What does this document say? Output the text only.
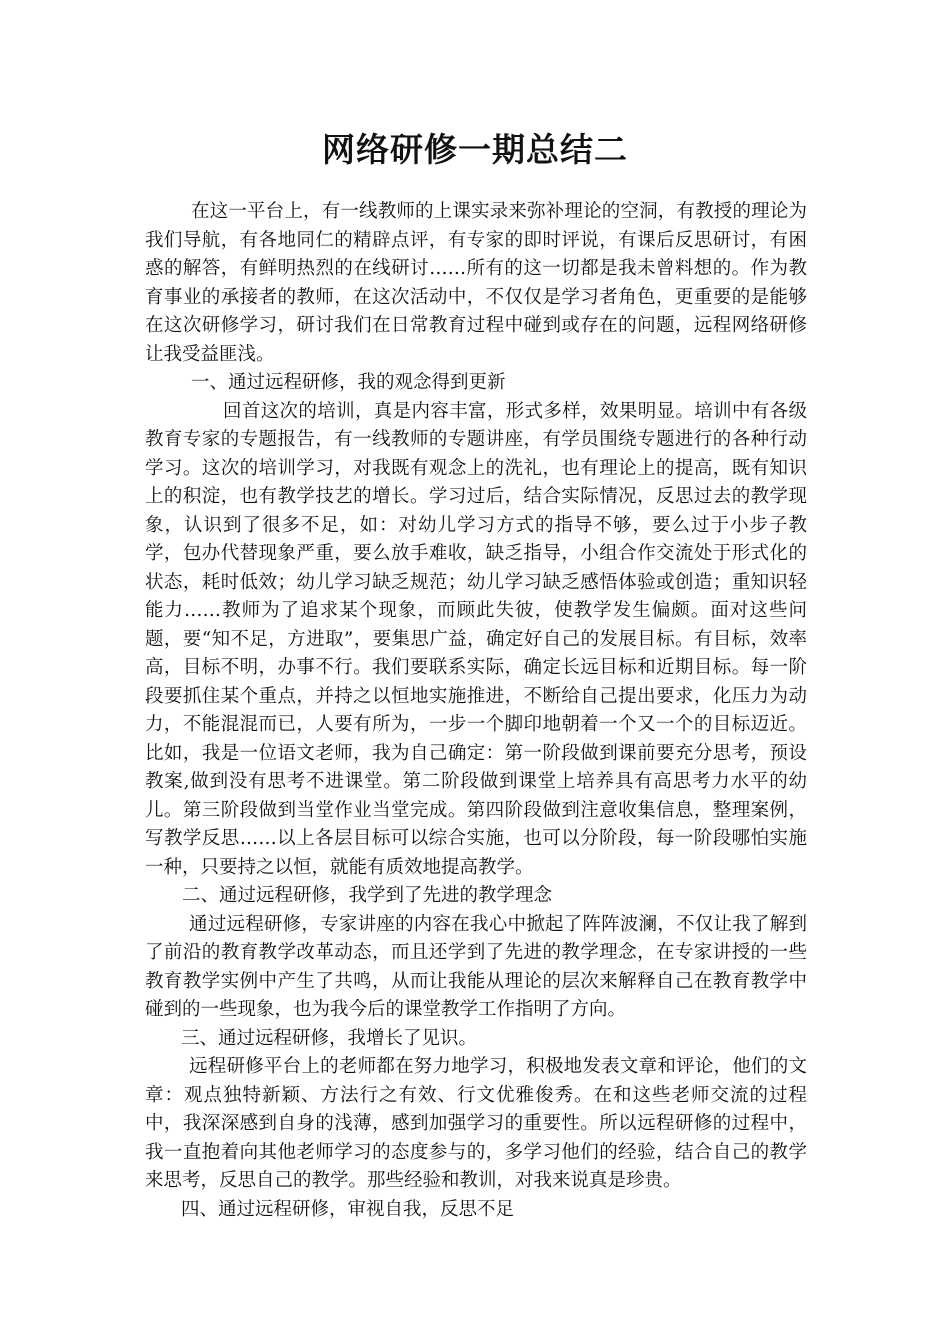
网络研修一期总结二

在这一平台上，有一线教师的上课实录来弥补理论的空洞，有教授的理论为我们导航，有各地同仁的精辟点评，有专家的即时评说，有课后反思研讨，有困惑的解答，有鲜明热烈的在线研讨……所有的这一切都是我未曾料想的。作为教育事业的承接者的教师，在这次活动中，不仅仅是学习者角色，更重要的是能够在这次研修学习，研讨我们在日常教育过程中碰到或存在的问题，远程网络研修让我受益匪浅。

一、通过远程研修，我的观念得到更新

回首这次的培训，真是内容丰富，形式多样，效果明显。培训中有各级教育专家的专题报告，有一线教师的专题讲座，有学员围绕专题进行的各种行动学习。这次的培训学习，对我既有观念上的洗礼，也有理论上的提高，既有知识上的积淀，也有教学技艺的增长。学习过后，结合实际情况，反思过去的教学现象，认识到了很多不足，如：对幼儿学习方式的指导不够，要么过于小步子教学，包办代替现象严重，要么放手难收，缺乏指导，小组合作交流处于形式化的状态，耗时低效；幼儿学习缺乏规范；幼儿学习缺乏感悟体验或创造；重知识轻能力……教师为了追求某个现象，而顾此失彼，使教学发生偏颇。面对这些问题，要“知不足，方进取”，要集思广益，确定好自己的发展目标。有目标，效率高，目标不明，办事不行。我们要联系实际，确定长远目标和近期目标。每一阶段要抓住某个重点，并持之以恒地实施推进，不断给自己提出要求，化压力为动力，不能混混而已，人要有所为，一步一个脚印地朝着一个又一个的目标迈近。比如，我是一位语文老师，我为自己确定：第一阶段做到课前要充分思考，预设教案,做到没有思考不进课堂。第二阶段做到课堂上培养具有高思考力水平的幼儿。第三阶段做到当堂作业当堂完成。第四阶段做到注意收集信息，整理案例，写教学反思……以上各层目标可以综合实施，也可以分阶段，每一阶段哪怕实施一种，只要持之以恒，就能有质效地提高教学。

二、通过远程研修，我学到了先进的教学理念

通过远程研修，专家讲座的内容在我心中掀起了阵阵波澜，不仅让我了解到了前沿的教育教学改革动态，而且还学到了先进的教学理念，在专家讲授的一些教育教学实例中产生了共鸣，从而让我能从理论的层次来解释自己在教育教学中碰到的一些现象，也为我今后的课堂教学工作指明了方向。

三、通过远程研修，我增长了见识。

远程研修平台上的老师都在努力地学习，积极地发表文章和评论，他们的文章：观点独特新颖、方法行之有效、行文优雅俊秀。在和这些老师交流的过程中，我深深感到自身的浅薄，感到加强学习的重要性。所以远程研修的过程中，我一直抱着向其他老师学习的态度参与的，多学习他们的经验，结合自己的教学来思考，反思自己的教学。那些经验和教训，对我来说真是珍贵。

四、通过远程研修，审视自我，反思不足
